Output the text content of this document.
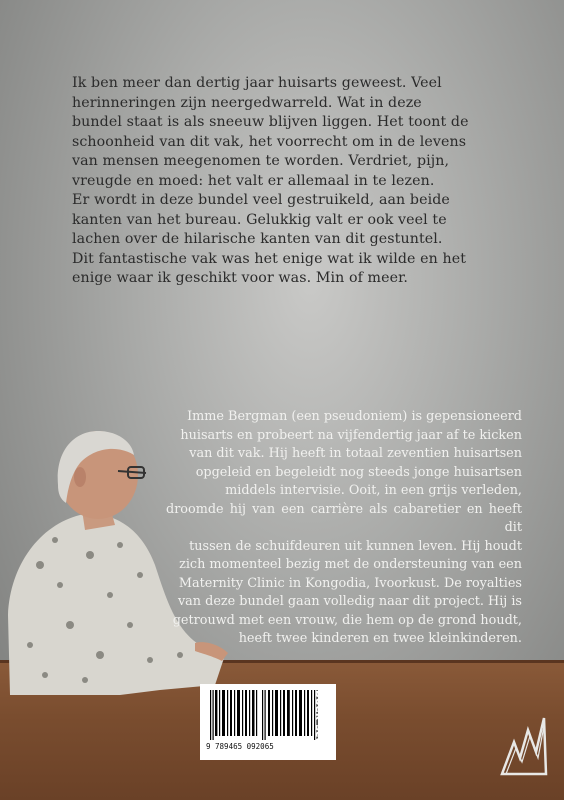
Ik ben meer dan dertig jaar huisarts geweest. Veel

herinneringen zijn neergedwarreld. Wat in deze

bundel staat is als sneeuw blijven liggen. Het toont de

schoonheid van dit vak, het voorrecht om in de levens

van mensen meegenomen te worden. Verdriet, pijn,

vreugde en moed: het valt er allemaal in te lezen.

Er wordt in deze bundel veel gestruikeld, aan beide

kanten van het bureau. Gelukkig valt er ook veel te

lachen over de hilarische kanten van dit gestuntel.

Dit fantastische vak was het enige wat ik wilde en het

enige waar ik geschikt voor was. Min of meer.

Imme Bergman (een pseudoniem) is gepensioneerd
huisarts en probeert na vijfendertig jaar af te kicken
van dit vak. Hij heeft in totaal zeventien huisartsen
opgeleid en begeleidt nog steeds jonge huisartsen
middels intervisie. Ooit, in een grijs verleden,
droomde hij van een carrière als cabaretier en heeft dit
tussen de schuifdeuren uit kunnen leven. Hij houdt
zich momenteel bezig met de ondersteuning van een
Maternity Clinic in Kongodia, Ivoorkust. De royalties
van deze bundel gaan volledig naar dit project. Hij is
getrouwd met een vrouw, die hem op de grond houdt,
heeft twee kinderen en twee kleinkinderen.
9 789465 092065	boek·scout
